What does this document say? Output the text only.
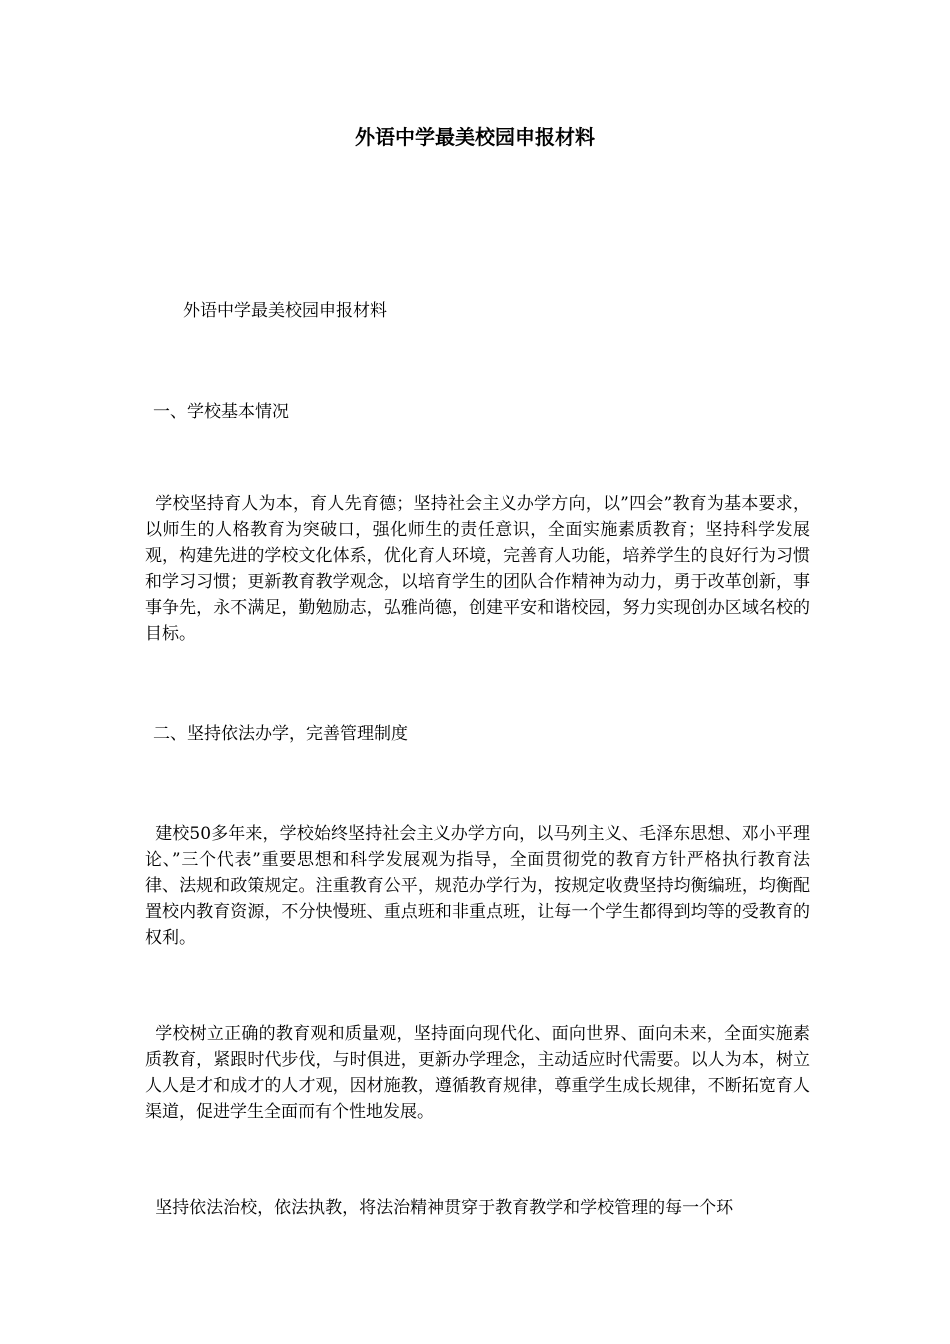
外语中学最美校园申报材料

外语中学最美校园申报材料

一、学校基本情况

学校坚持育人为本，育人先育德；坚持社会主义办学方向，以”四会”教育为基本要求，以师生的人格教育为突破口，强化师生的责任意识，全面实施素质教育；坚持科学发展观，构建先进的学校文化体系，优化育人环境，完善育人功能，培养学生的良好行为习惯和学习习惯；更新教育教学观念，以培育学生的团队合作精神为动力，勇于改革创新，事事争先，永不满足，勤勉励志，弘雅尚德，创建平安和谐校园，努力实现创办区域名校的目标。

二、坚持依法办学，完善管理制度

建校50多年来，学校始终坚持社会主义办学方向，以马列主义、毛泽东思想、邓小平理论、”三个代表”重要思想和科学发展观为指导，全面贯彻党的教育方针严格执行教育法律、法规和政策规定。注重教育公平，规范办学行为，按规定收费坚持均衡编班，均衡配置校内教育资源，不分快慢班、重点班和非重点班，让每一个学生都得到均等的受教育的权利。

学校树立正确的教育观和质量观，坚持面向现代化、面向世界、面向未来，全面实施素质教育，紧跟时代步伐，与时俱进，更新办学理念，主动适应时代需要。以人为本，树立人人是才和成才的人才观，因材施教，遵循教育规律，尊重学生成长规律，不断拓宽育人渠道，促进学生全面而有个性地发展。

坚持依法治校，依法执教，将法治精神贯穿于教育教学和学校管理的每一个环
